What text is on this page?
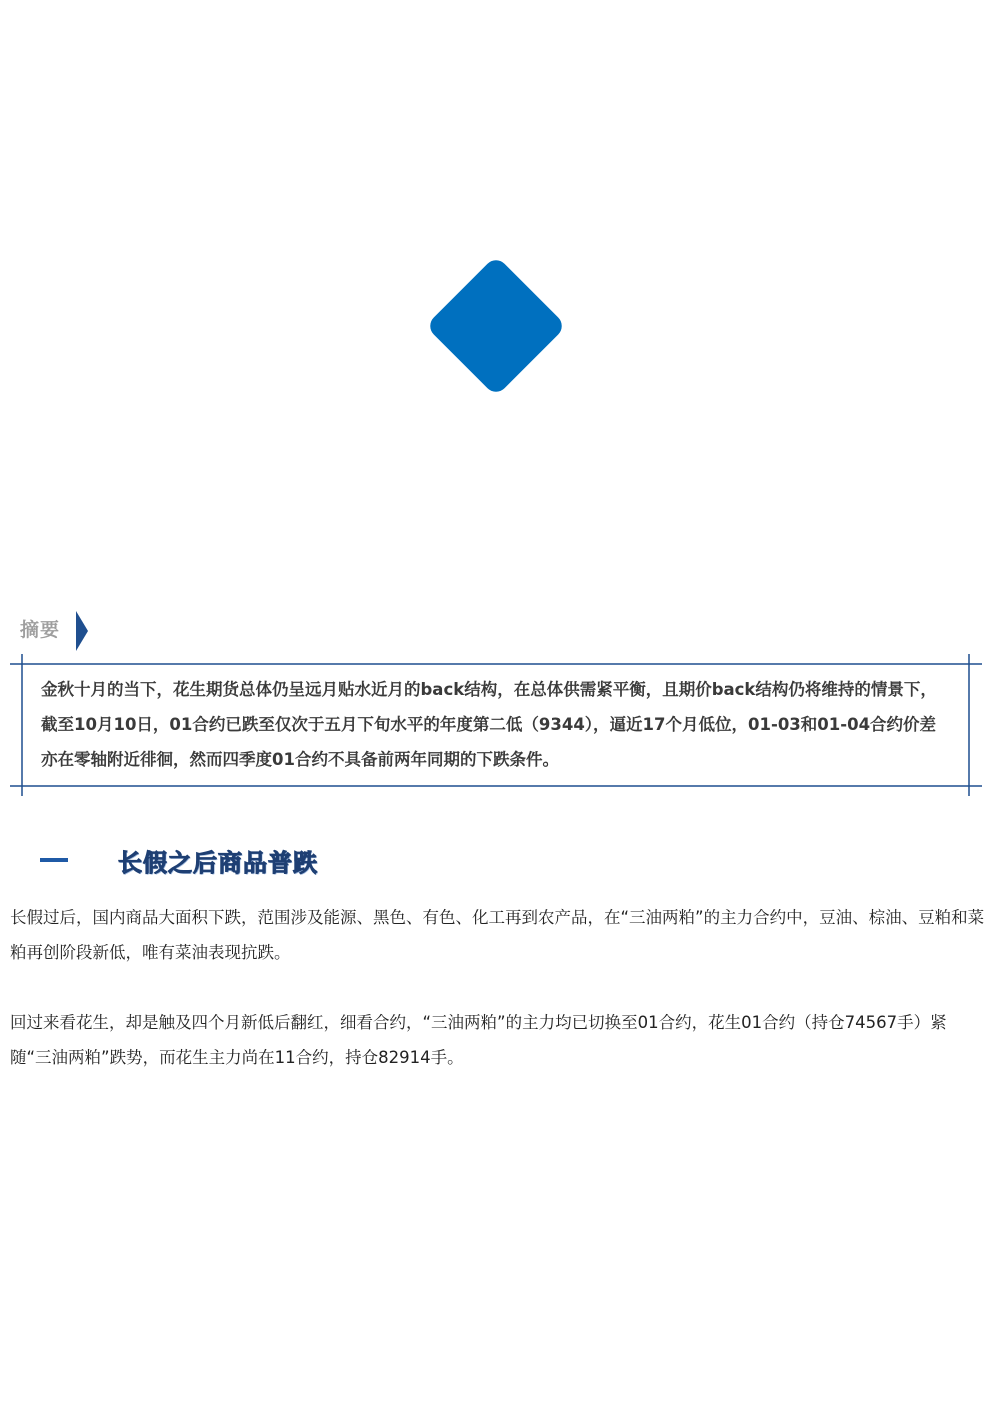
摘要

金秋十月的当下，花生期货总体仍呈远月贴水近月的back结构，在总体供需紧平衡，且期价back结构仍将维持的情景下，截至10月10日，01合约已跌至仅次于五月下旬水平的年度第二低（9344），逼近17个月低位，01-03和01-04合约价差亦在零轴附近徘徊，然而四季度01合约不具备前两年同期的下跌条件。

长假之后商品普跌

长假过后，国内商品大面积下跌，范围涉及能源、黑色、有色、化工再到农产品，在“三油两粕”的主力合约中，豆油、棕油、豆粕和菜粕再创阶段新低，唯有菜油表现抗跌。

回过来看花生，却是触及四个月新低后翻红，细看合约，“三油两粕”的主力均已切换至01合约，花生01合约（持仓74567手）紧随“三油两粕”跌势，而花生主力尚在11合约，持仓82914手。
